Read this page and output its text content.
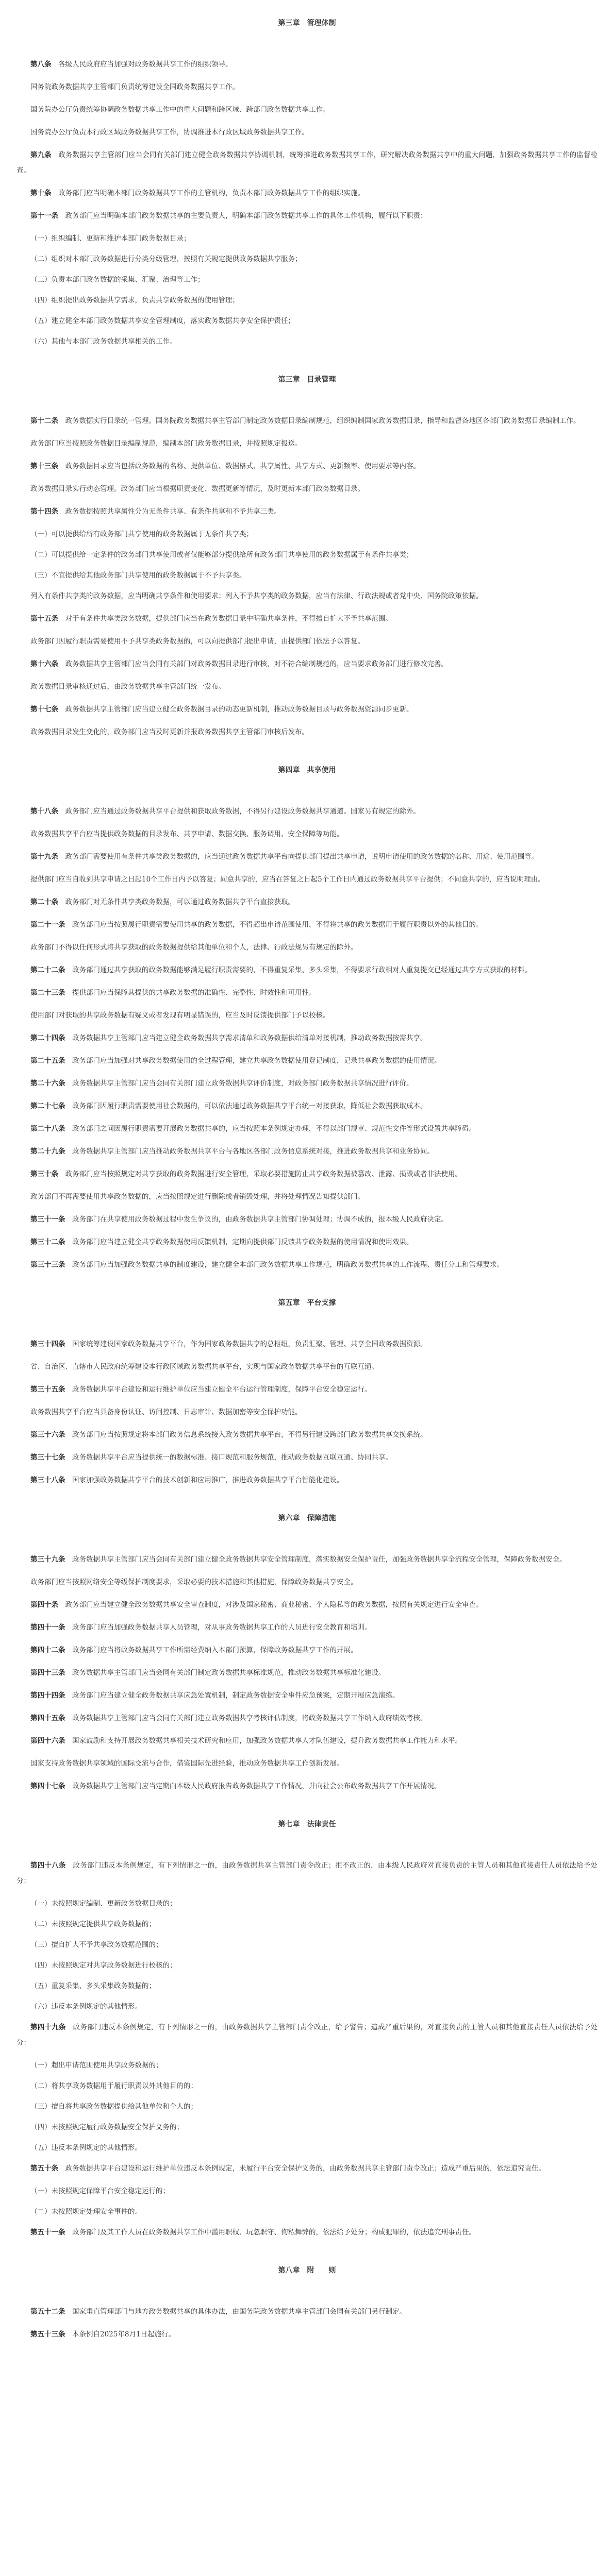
第三章　管理体制

第八条　 各级人民政府应当加强对政务数据共享工作的组织领导。

国务院政务数据共享主管部门负责统筹建设全国政务数据共享工作。

国务院办公厅负责统筹协调政务数据共享工作中的重大问题和跨区域、跨部门政务数据共享工作。

国务院办公厅负责本行政区域政务数据共享工作，协调推进本行政区域政务数据共享工作。

第九条　 政务数据共享主管部门应当会同有关部门建立健全政务数据共享协调机制，统筹推进政务数据共享工作，研究解决政务数据共享中的重大问题，加强政务数据共享工作的监督检查。

第十条　 政务部门应当明确本部门政务数据共享工作的主管机构，负责本部门政务数据共享工作的组织实施。

第十一条　 政务部门应当明确本部门政务数据共享的主要负责人，明确本部门政务数据共享工作的具体工作机构，履行以下职责：

（一）组织编制、更新和维护本部门政务数据目录；

（二）组织对本部门政务数据进行分类分级管理，按照有关规定提供政务数据共享服务；

（三）负责本部门政务数据的采集、汇聚、治理等工作；

（四）组织提出政务数据共享需求，负责共享政务数据的使用管理；

（五）建立健全本部门政务数据共享安全管理制度，落实政务数据共享安全保护责任；

（六）其他与本部门政务数据共享相关的工作。

第三章　目录管理

第十二条　 政务数据实行目录统一管理。国务院政务数据共享主管部门制定政务数据目录编制规范，组织编制国家政务数据目录，指导和监督各地区各部门政务数据目录编制工作。

政务部门应当按照政务数据目录编制规范，编制本部门政务数据目录，并按照规定报送。

第十三条　 政务数据目录应当包括政务数据的名称、提供单位、数据格式、共享属性、共享方式、更新频率、使用要求等内容。

政务数据目录实行动态管理。政务部门应当根据职责变化、数据更新等情况，及时更新本部门政务数据目录。

第十四条　 政务数据按照共享属性分为无条件共享、有条件共享和不予共享三类。

（一）可以提供给所有政务部门共享使用的政务数据属于无条件共享类；

（二）可以提供给一定条件的政务部门共享使用或者仅能够部分提供给所有政务部门共享使用的政务数据属于有条件共享类；

（三）不宜提供给其他政务部门共享使用的政务数据属于不予共享类。

列入有条件共享类的政务数据，应当明确共享条件和使用要求；列入不予共享类的政务数据，应当有法律、行政法规或者党中央、国务院政策依据。

第十五条　 对于有条件共享类政务数据，提供部门应当在政务数据目录中明确共享条件，不得擅自扩大不予共享范围。

政务部门因履行职责需要使用不予共享类政务数据的，可以向提供部门提出申请，由提供部门依法予以答复。

第十六条　 政务数据共享主管部门应当会同有关部门对政务数据目录进行审核，对不符合编制规范的，应当要求政务部门进行修改完善。

政务数据目录审核通过后，由政务数据共享主管部门统一发布。

第十七条　 政务数据共享主管部门应当建立健全政务数据目录的动态更新机制，推动政务数据目录与政务数据资源同步更新。

政务数据目录发生变化的，政务部门应当及时更新并报政务数据共享主管部门审核后发布。

第四章　共享使用

第十八条　 政务部门应当通过政务数据共享平台提供和获取政务数据，不得另行建设政务数据共享通道。国家另有规定的除外。

政务数据共享平台应当提供政务数据的目录发布、共享申请、数据交换、服务调用、安全保障等功能。

第十九条　 政务部门需要使用有条件共享类政务数据的，应当通过政务数据共享平台向提供部门提出共享申请，说明申请使用的政务数据的名称、用途、使用范围等。

提供部门应当自收到共享申请之日起10个工作日内予以答复；同意共享的，应当在答复之日起5个工作日内通过政务数据共享平台提供；不同意共享的，应当说明理由。

第二十条　 政务部门对无条件共享类政务数据，可以通过政务数据共享平台直接获取。

第二十一条　 政务部门应当按照履行职责需要使用共享的政务数据，不得超出申请范围使用，不得将共享的政务数据用于履行职责以外的其他目的。

政务部门不得以任何形式将共享获取的政务数据提供给其他单位和个人，法律、行政法规另有规定的除外。

第二十二条　 政务部门通过共享获取的政务数据能够满足履行职责需要的，不得重复采集、多头采集，不得要求行政相对人重复提交已经通过共享方式获取的材料。

第二十三条　 提供部门应当保障其提供的共享政务数据的准确性、完整性、时效性和可用性。

使用部门对获取的共享政务数据有疑义或者发现有明显错误的，应当及时反馈提供部门予以校核。

第二十四条　 政务数据共享主管部门应当建立健全政务数据共享需求清单和政务数据供给清单对接机制，推动政务数据按需共享。

第二十五条　 政务部门应当加强对共享政务数据使用的全过程管理，建立共享政务数据使用登记制度，记录共享政务数据的使用情况。

第二十六条　 政务数据共享主管部门应当会同有关部门建立政务数据共享评价制度，对政务部门政务数据共享情况进行评价。

第二十七条　 政务部门因履行职责需要使用社会数据的，可以依法通过政务数据共享平台统一对接获取，降低社会数据获取成本。

第二十八条　 政务部门之间因履行职责需要开展政务数据共享的，应当按照本条例规定办理，不得以部门规章、规范性文件等形式设置共享障碍。

第二十九条　 政务数据共享主管部门应当推动政务数据共享平台与各地区各部门政务信息系统对接，推进政务数据共享和业务协同。

第三十条　 政务部门应当按照规定对共享获取的政务数据进行安全管理，采取必要措施防止共享政务数据被篡改、泄露、损毁或者非法使用。

政务部门不再需要使用共享政务数据的，应当按照规定进行删除或者销毁处理，并将处理情况告知提供部门。

第三十一条　 政务部门在共享使用政务数据过程中发生争议的，由政务数据共享主管部门协调处理；协调不成的，报本级人民政府决定。

第三十二条　 政务部门应当建立健全共享政务数据使用反馈机制，定期向提供部门反馈共享政务数据的使用情况和使用效果。

第三十三条　 政务部门应当加强政务数据共享的制度建设，建立健全本部门政务数据共享工作规范，明确政务数据共享的工作流程、责任分工和管理要求。

第五章　平台支撑

第三十四条　 国家统筹建设国家政务数据共享平台，作为国家政务数据共享的总枢纽，负责汇聚、管理、共享全国政务数据资源。

省、自治区、直辖市人民政府统筹建设本行政区域政务数据共享平台，实现与国家政务数据共享平台的互联互通。

第三十五条　 政务数据共享平台建设和运行维护单位应当建立健全平台运行管理制度，保障平台安全稳定运行。

政务数据共享平台应当具备身份认证、访问控制、日志审计、数据加密等安全保护功能。

第三十六条　 政务部门应当按照规定将本部门政务信息系统接入政务数据共享平台，不得另行建设跨部门政务数据共享交换系统。

第三十七条　 政务数据共享平台应当提供统一的数据标准、接口规范和服务规范，推动政务数据互联互通、协同共享。

第三十八条　 国家加强政务数据共享平台的技术创新和应用推广，推进政务数据共享平台智能化建设。

第六章　保障措施

第三十九条　 政务数据共享主管部门应当会同有关部门建立健全政务数据共享安全管理制度，落实数据安全保护责任，加强政务数据共享全流程安全管理，保障政务数据安全。

政务部门应当按照网络安全等级保护制度要求，采取必要的技术措施和其他措施，保障政务数据共享安全。

第四十条　 政务部门应当建立健全政务数据共享安全审查制度，对涉及国家秘密、商业秘密、个人隐私等的政务数据，按照有关规定进行安全审查。

第四十一条　 政务部门应当加强政务数据共享人员管理，对从事政务数据共享工作的人员进行安全教育和培训。

第四十二条　 政务部门应当将政务数据共享工作所需经费纳入本部门预算，保障政务数据共享工作的开展。

第四十三条　 政务数据共享主管部门应当会同有关部门制定政务数据共享标准规范，推动政务数据共享标准化建设。

第四十四条　 政务部门应当建立健全政务数据共享应急处置机制，制定政务数据安全事件应急预案，定期开展应急演练。

第四十五条　 政务数据共享主管部门应当会同有关部门建立政务数据共享考核评估制度，将政务数据共享工作纳入政府绩效考核。

第四十六条　 国家鼓励和支持开展政务数据共享相关技术研究和应用，加强政务数据共享人才队伍建设，提升政务数据共享工作能力和水平。

国家支持政务数据共享领域的国际交流与合作，借鉴国际先进经验，推动政务数据共享工作创新发展。

第四十七条　 政务数据共享主管部门应当定期向本级人民政府报告政务数据共享工作情况，并向社会公布政务数据共享工作开展情况。

第七章　法律责任

第四十八条　 政务部门违反本条例规定，有下列情形之一的，由政务数据共享主管部门责令改正；拒不改正的，由本级人民政府对直接负责的主管人员和其他直接责任人员依法给予处分：

（一）未按照规定编制、更新政务数据目录的；

（二）未按照规定提供共享政务数据的；

（三）擅自扩大不予共享政务数据范围的；

（四）未按照规定对共享政务数据进行校核的；

（五）重复采集、多头采集政务数据的；

（六）违反本条例规定的其他情形。

第四十九条　 政务部门违反本条例规定，有下列情形之一的，由政务数据共享主管部门责令改正，给予警告；造成严重后果的，对直接负责的主管人员和其他直接责任人员依法给予处分：

（一）超出申请范围使用共享政务数据的；

（二）将共享政务数据用于履行职责以外其他目的的；

（三）擅自将共享政务数据提供给其他单位和个人的；

（四）未按照规定履行政务数据安全保护义务的；

（五）违反本条例规定的其他情形。

第五十条　 政务数据共享平台建设和运行维护单位违反本条例规定，未履行平台安全保护义务的，由政务数据共享主管部门责令改正；造成严重后果的，依法追究责任。

（一）未按照规定保障平台安全稳定运行的；

（二）未按照规定处理安全事件的。

第五十一条　 政务部门及其工作人员在政务数据共享工作中滥用职权、玩忽职守、徇私舞弊的，依法给予处分；构成犯罪的，依法追究刑事责任。

第八章　附　　则

第五十二条　 国家垂直管理部门与地方政务数据共享的具体办法，由国务院政务数据共享主管部门会同有关部门另行制定。

第五十三条　 本条例自2025年8月1日起施行。
